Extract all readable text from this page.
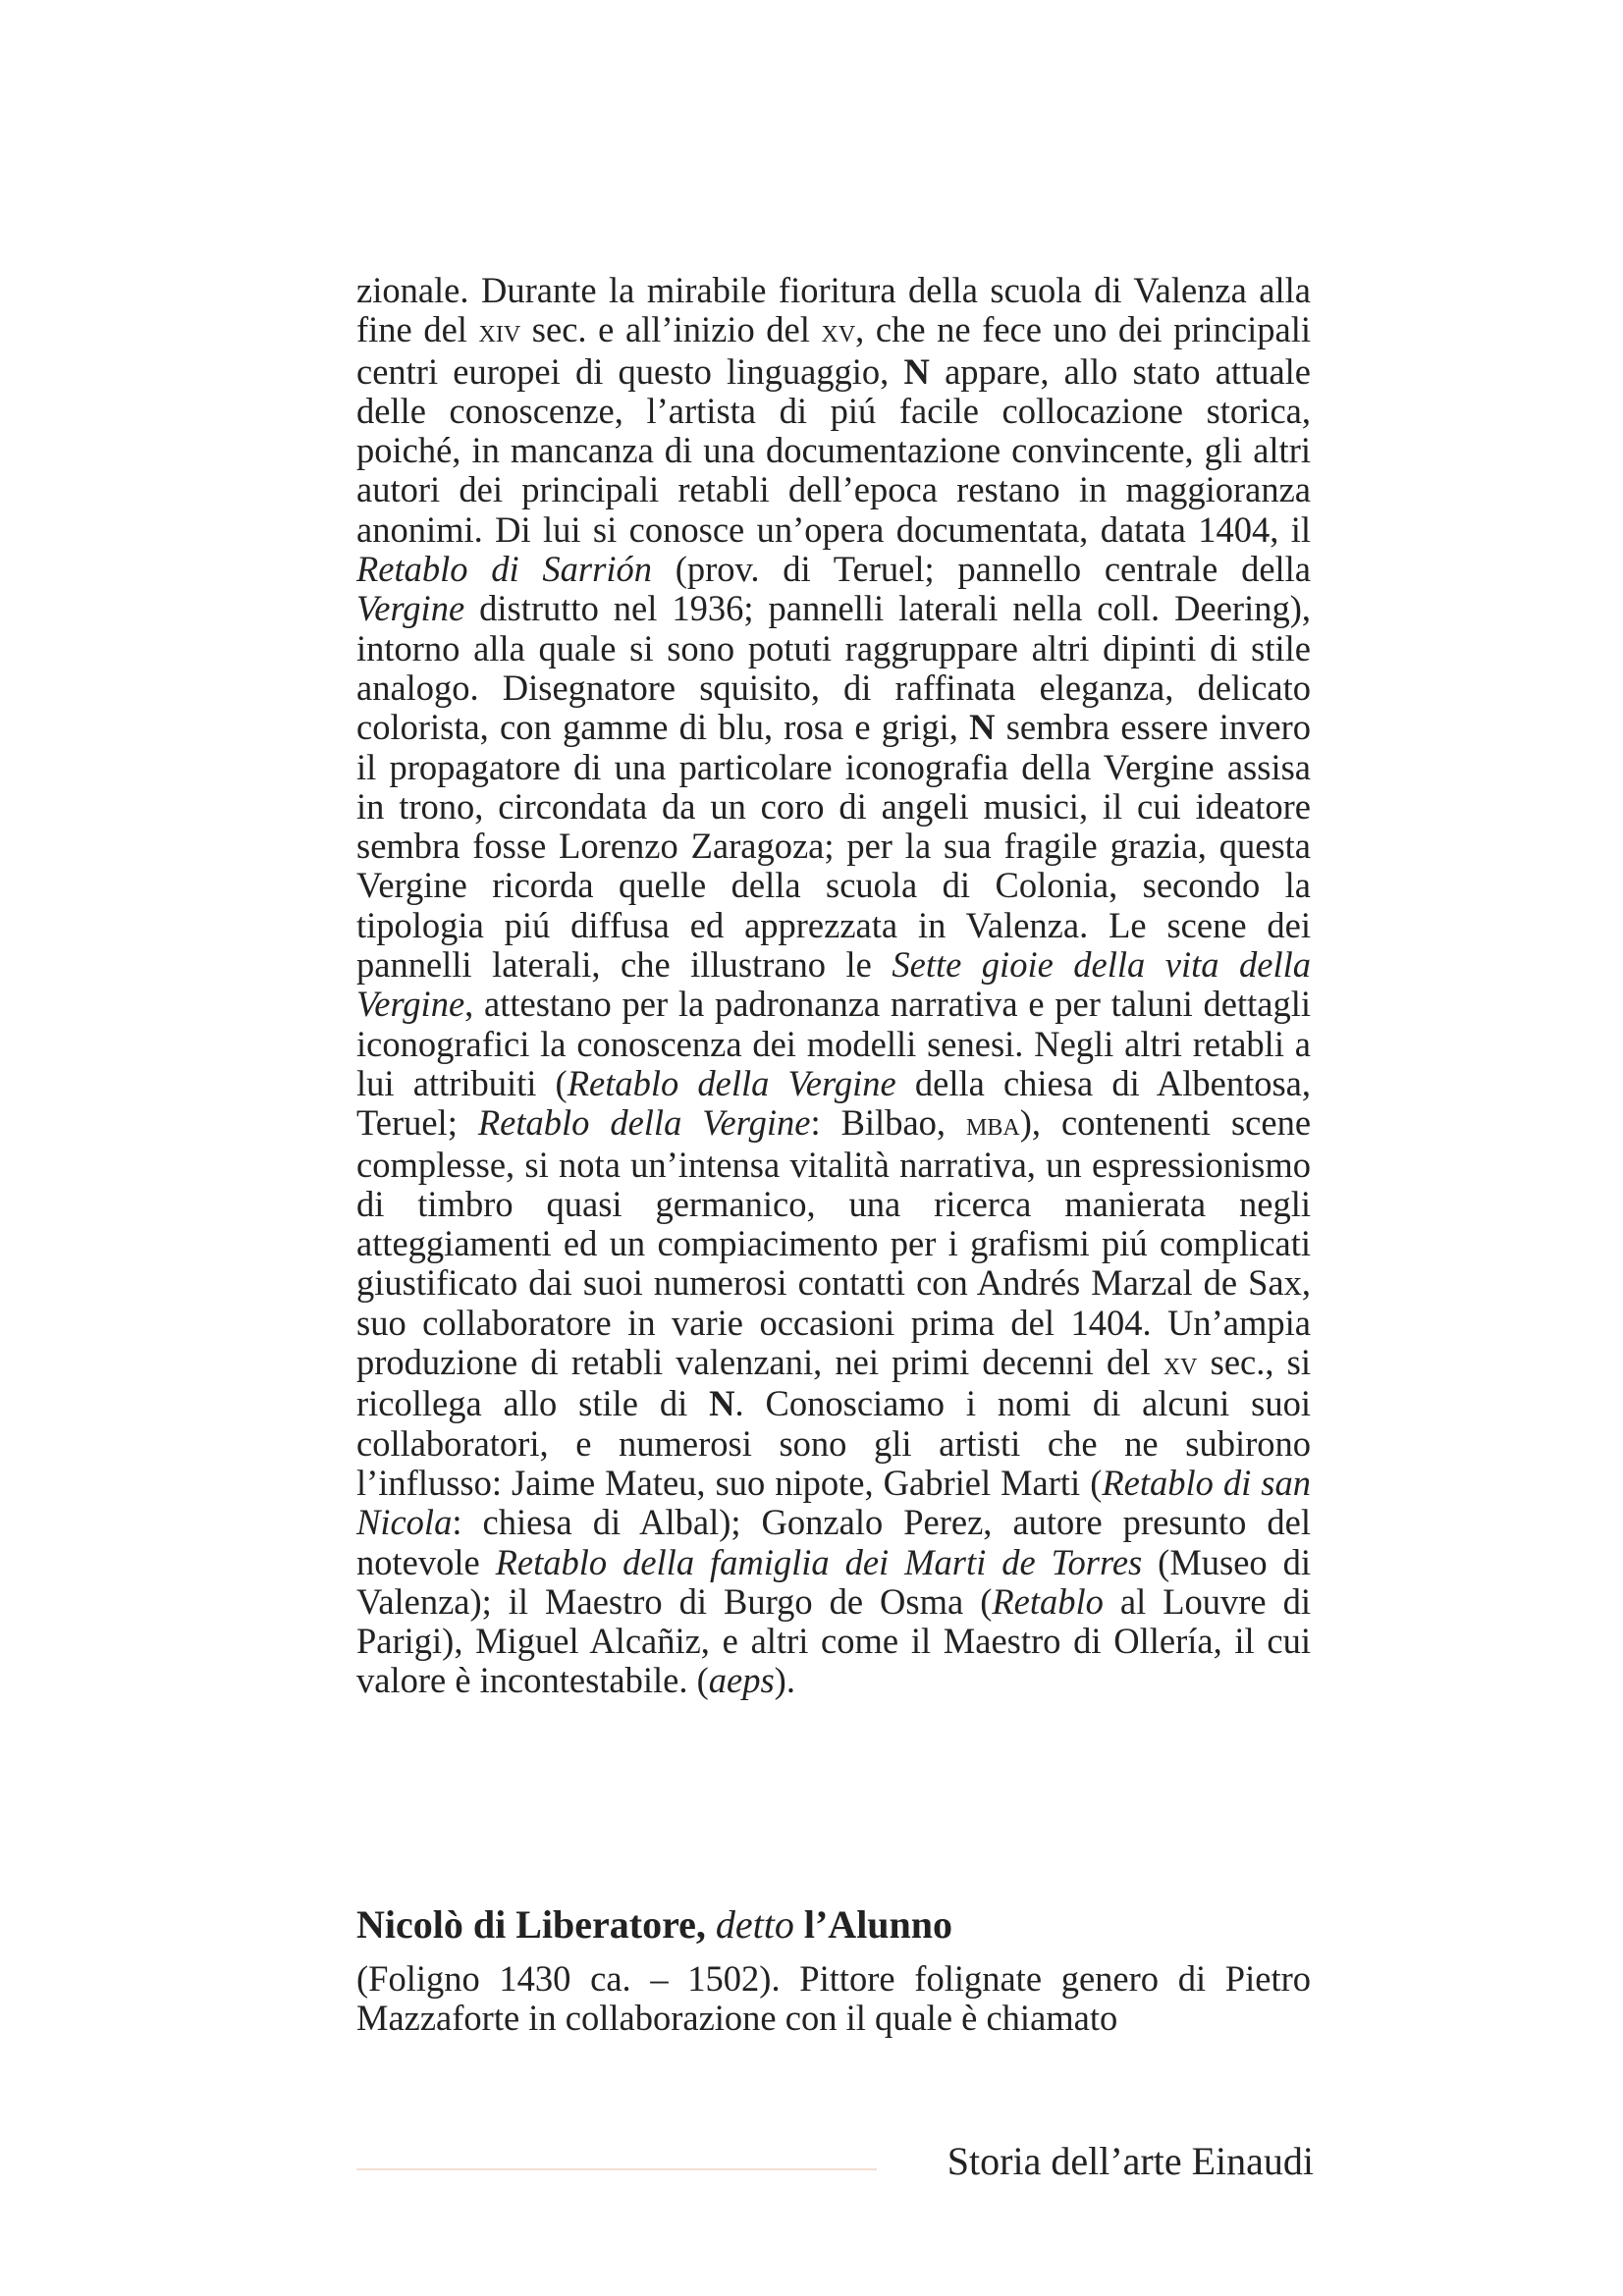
zionale. Durante la mirabile fioritura della scuola di Valenza alla fine del xiv sec. e all’inizio del xv, che ne fece uno dei principali centri europei di questo linguaggio, N appare, allo stato attuale delle conoscenze, l’artista di piú facile collocazione storica, poiché, in mancanza di una documentazione convincente, gli altri autori dei principali retabli dell’epoca restano in maggioranza anonimi. Di lui si conosce un’opera documentata, datata 1404, il Retablo di Sarrión (prov. di Teruel; pannello centrale della Vergine distrutto nel 1936; pannelli laterali nella coll. Deering), intorno alla quale si sono potuti raggruppare altri dipinti di stile analogo. Disegnatore squisito, di raffinata eleganza, delicato colorista, con gamme di blu, rosa e grigi, N sembra essere invero il propagatore di una particolare iconografia della Vergine assisa in trono, circondata da un coro di angeli musici, il cui ideatore sembra fosse Lorenzo Zaragoza; per la sua fragile grazia, questa Vergine ricorda quelle della scuola di Colonia, secondo la tipologia piú diffusa ed apprezzata in Valenza. Le scene dei pannelli laterali, che illustrano le Sette gioie della vita della Vergine, attestano per la padronanza narrativa e per taluni dettagli iconografici la conoscenza dei modelli senesi. Negli altri retabli a lui attribuiti (Retablo della Vergine della chiesa di Albentosa, Teruel; Retablo della Vergine: Bilbao, mba), contenenti scene complesse, si nota un’intensa vitalità narrativa, un espressionismo di timbro quasi germanico, una ricerca manierata negli atteggiamenti ed un compiacimento per i grafismi piú complicati giustificato dai suoi numerosi contatti con Andrés Marzal de Sax, suo collaboratore in varie occasioni prima del 1404. Un’ampia produzione di retabli valenzani, nei primi decenni del xv sec., si ricollega allo stile di N. Conosciamo i nomi di alcuni suoi collaboratori, e numerosi sono gli artisti che ne subirono l’influsso: Jaime Mateu, suo nipote, Gabriel Marti (Retablo di san Nicola: chiesa di Albal); Gonzalo Perez, autore presunto del notevole Retablo della famiglia dei Marti de Torres (Museo di Valenza); il Maestro di Burgo de Osma (Retablo al Louvre di Parigi), Miguel Alcañiz, e altri come il Maestro di Ollería, il cui valore è incontestabile. (aeps).

Nicolò di Liberatore, detto l’Alunno

(Foligno 1430 ca. – 1502). Pittore folignate genero di Pietro Mazzaforte in collaborazione con il quale è chiamato

Storia dell’arte Einaudi
